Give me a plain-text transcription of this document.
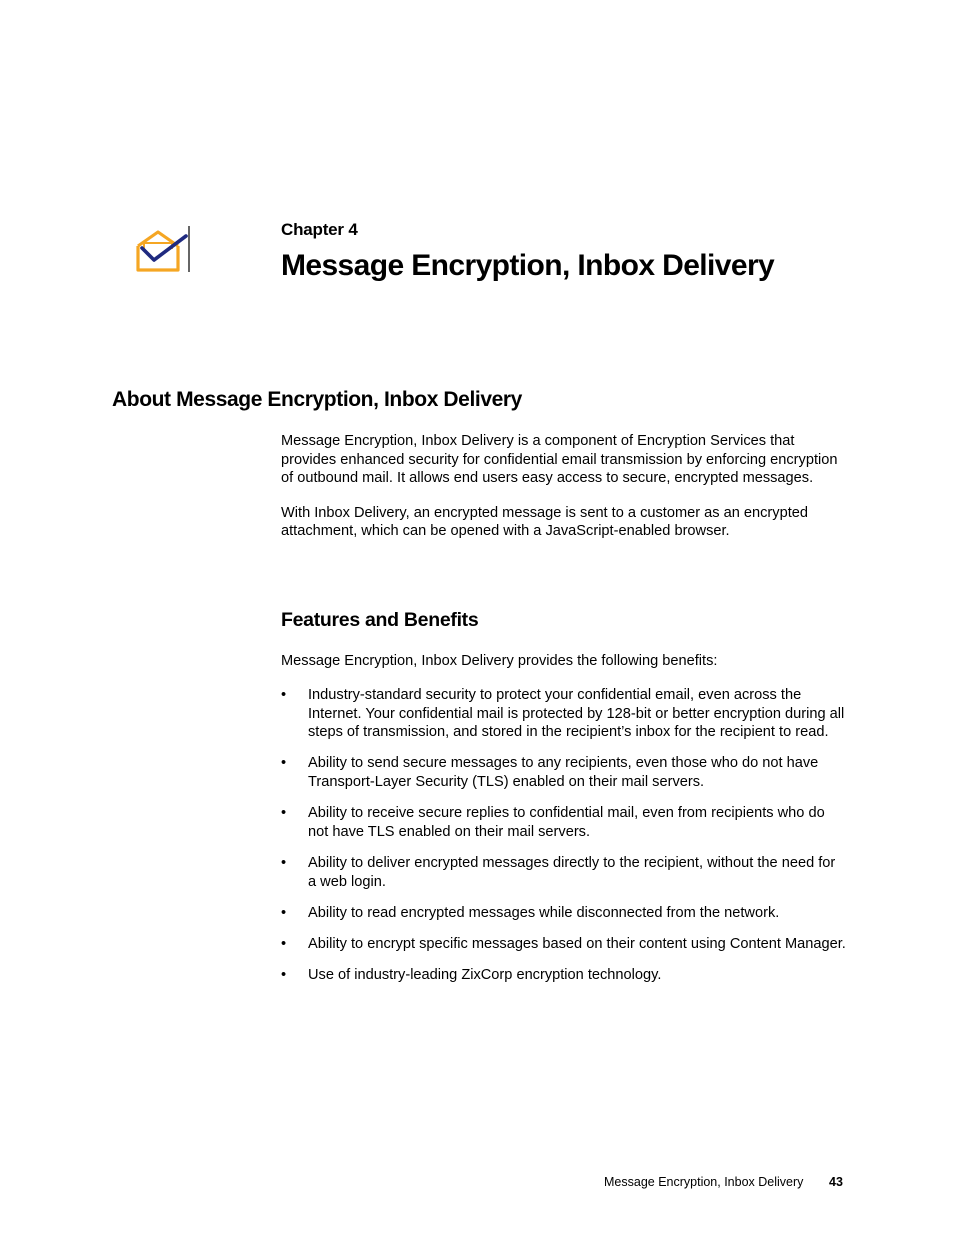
Chapter 4
Message Encryption, Inbox Delivery
About Message Encryption, Inbox Delivery

Message Encryption, Inbox Delivery is a component of Encryption Services that provides enhanced security for confidential email transmission by enforcing encryption of outbound mail. It allows end users easy access to secure, encrypted messages.

With Inbox Delivery, an encrypted message is sent to a customer as an encrypted attachment, which can be opened with a JavaScript-enabled browser.

Features and Benefits

Message Encryption, Inbox Delivery provides the following benefits:

• Industry-standard security to protect your confidential email, even across the Internet. Your confidential mail is protected by 128-bit or better encryption during all steps of transmission, and stored in the recipient’s inbox for the recipient to read.
• Ability to send secure messages to any recipients, even those who do not have Transport-Layer Security (TLS) enabled on their mail servers.
• Ability to receive secure replies to confidential mail, even from recipients who do not have TLS enabled on their mail servers.
• Ability to deliver encrypted messages directly to the recipient, without the need for a web login.
• Ability to read encrypted messages while disconnected from the network.
• Ability to encrypt specific messages based on their content using Content Manager.
• Use of industry-leading ZixCorp encryption technology.
Message Encryption, Inbox Delivery 43
